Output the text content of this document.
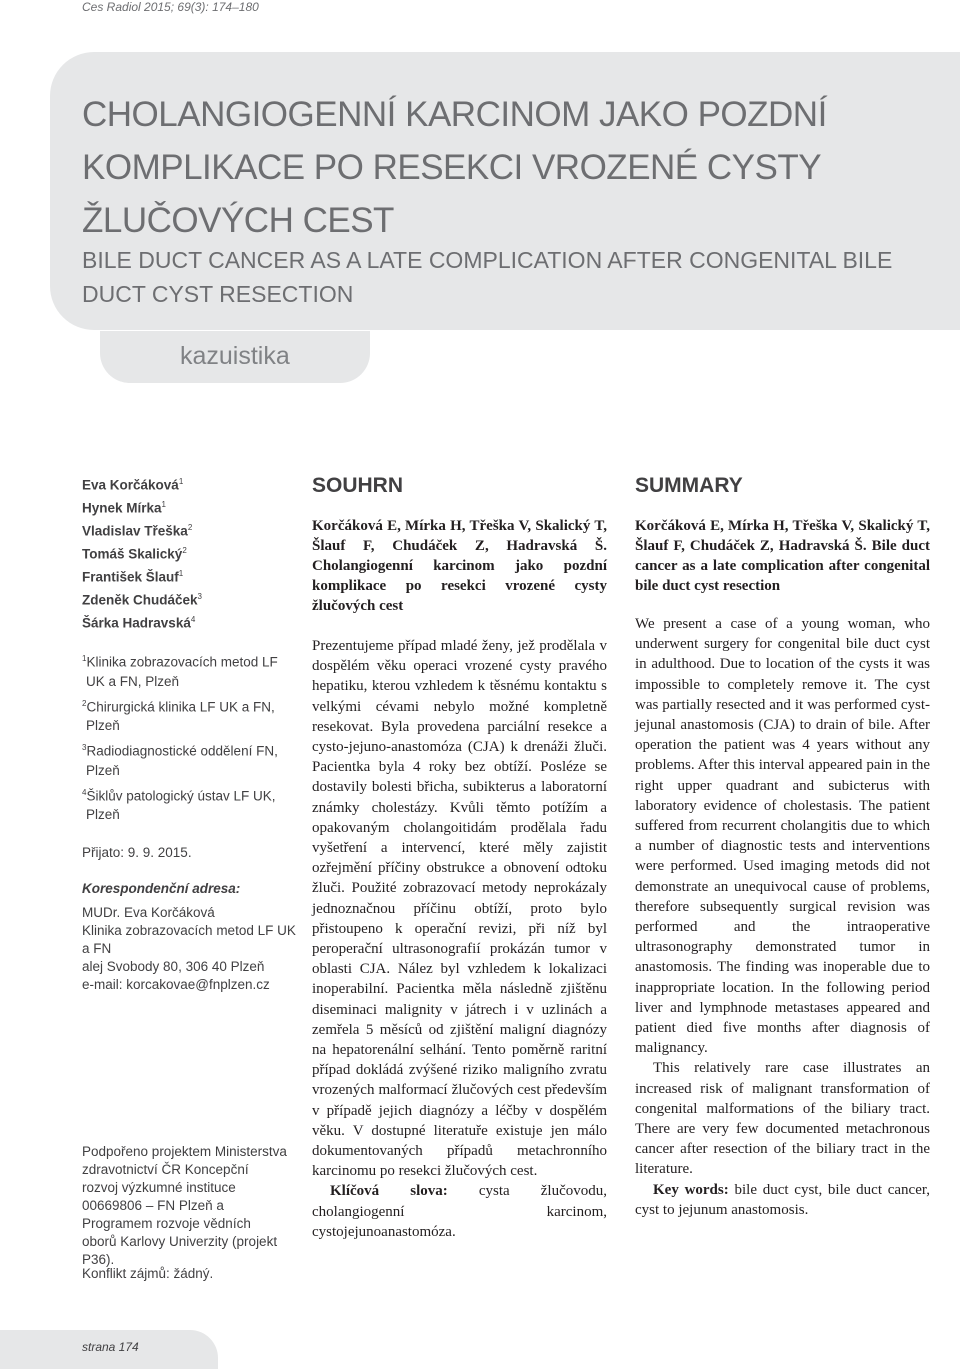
Ces Radiol 2015; 69(3): 174–180
CHOLANGIOGENNÍ KARCINOM JAKO POZDNÍ KOMPLIKACE PO RESEKCI VROZENÉ CYSTY ŽLUČOVÝCH CEST
BILE DUCT CANCER AS A LATE COMPLICATION AFTER CONGENITAL BILE DUCT CYST RESECTION
kazuistika
Eva Korčáková$^1$
Hynek Mírka$^1$
Vladislav Třeška$^2$
Tomáš Skalický$^2$
František Šlauf$^1$
Zdeněk Chudáček$^3$
Šárka Hadravská$^4$
$^1$Klinika zobrazovacích metod LF UK a FN, Plzeň
$^2$Chirurgická klinika LF UK a FN, Plzeň
$^3$Radiodiagnostické oddělení FN, Plzeň
$^4$Šiklův patologický ústav LF UK, Plzeň
Přijato: 9. 9. 2015.
Korespondenční adresa:
MUDr. Eva Korčáková
Klinika zobrazovacích metod LF UK a FN
alej Svobody 80, 306 40 Plzeň
e-mail: korcakovae@fnplzen.cz
Podpořeno projektem Ministerstva zdravotnictví ČR Koncepční rozvoj výzkumné instituce 00669806 – FN Plzeň a Programem rozvoje vědních oborů Karlovy Univerzity (projekt P36).
Konflikt zájmů: žádný.
SOUHRN

Korčáková E, Mírka H, Třeška V, Skalický T, Šlauf F, Chudáček Z, Hadravská Š. Cholangiogenní karcinom jako pozdní komplikace po resekci vrozené cysty žlučových cest

Prezentujeme případ mladé ženy, jež prodělala v dospělém věku operaci vrozené cysty pravého hepatiku, kterou vzhledem k těsnému kontaktu s velkými cévami nebylo možné kompletně resekovat. Byla provedena parciální resekce a cysto-jejuno-anastomóza (CJA) k drenáži žluči. Pacientka byla 4 roky bez obtíží. Posléze se dostavily bolesti břicha, subikterus a laboratorní známky cholestázy. Kvůli těmto potížím a opakovaným cholangoitidám prodělala řadu vyšetření a intervencí, které měly zajistit ozřejmění příčiny obstrukce a obnovení odtoku žluči. Použité zobrazovací metody neprokázaly jednoznačnou příčinu obtíží, proto bylo přistoupeno k operační revizi, při níž byl peroperační ultrasonografií prokázán tumor v oblasti CJA. Nález byl vzhledem k lokalizaci inoperabilní. Pacientka měla následně zjištěnu diseminaci malignity v játrech i v uzlinách a zemřela 5 měsíců od zjištění maligní diagnózy na hepatorenální selhání. Tento poměrně raritní případ dokládá zvýšené riziko maligního zvratu vrozených malformací žlučových cest především v případě jejich diagnózy a léčby v dospělém věku. V dostupné literatuře existuje jen málo dokumentovaných případů metachronního karcinomu po resekci žlučových cest.

Klíčová slova: cysta žlučovodu, cholangiogenní karcinom, cystojejunoanastomóza.

SUMMARY

Korčáková E, Mírka H, Třeška V, Skalický T, Šlauf F, Chudáček Z, Hadravská Š. Bile duct cancer as a late complication after congenital bile duct cyst resection

We present a case of a young woman, who underwent surgery for congenital bile duct cyst in adulthood. Due to location of the cysts it was impossible to completely remove it. The cyst was partially resected and it was performed cyst-jejunal anastomosis (CJA) to drain of bile. After operation the patient was 4 years without any problems. After this interval appeared pain in the right upper quadrant and subicterus with laboratory evidence of cholestasis. The patient suffered from recurrent cholangitis due to which a number of diagnostic tests and interventions were performed. Used imaging metods did not demonstrate an unequivocal cause of problems, therefore subsequently surgical revision was performed and the intraoperative ultrasonography demonstrated tumor in anastomosis. The finding was inoperable due to inappropriate location. In the following period liver and lymphnode metastases appeared and patient died five months after diagnosis of malignancy.

This relatively rare case illustrates an increased risk of malignant transformation of congenital malformations of the biliary tract. There are very few documented metachronous cancer after resection of the biliary tract in the literature.

Key words: bile duct cyst, bile duct cancer, cyst to jejunum anastomosis.

strana 174
